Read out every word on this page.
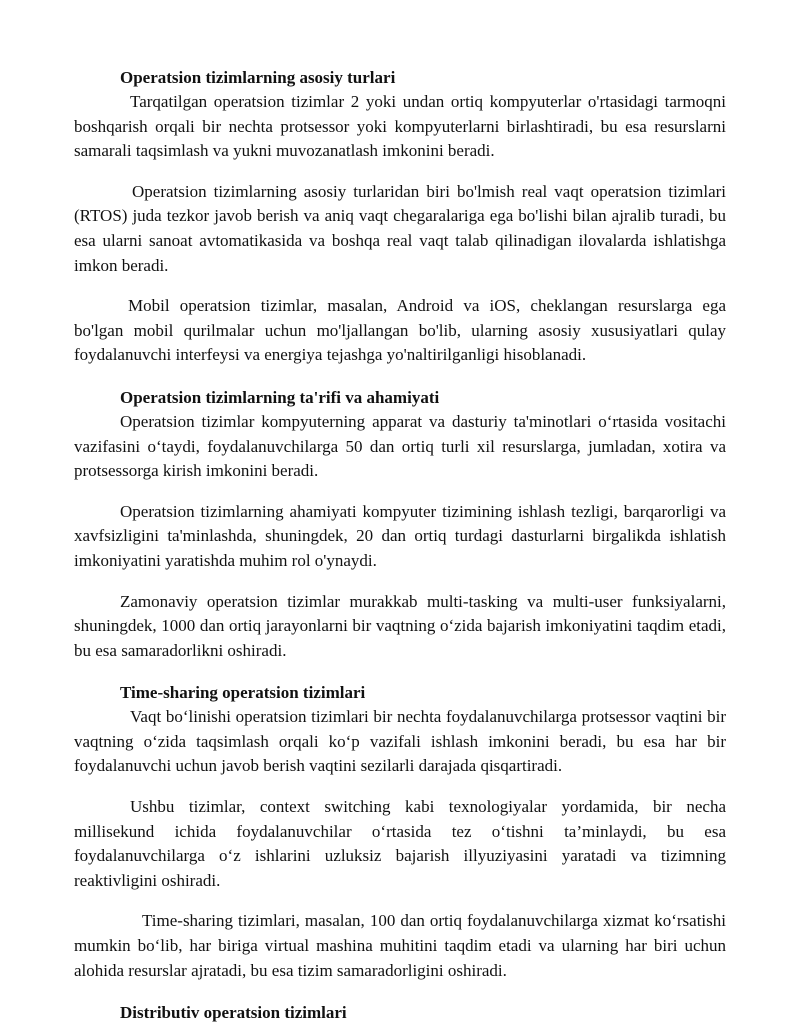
Operatsion tizimlarning asosiy turlari

Tarqatilgan operatsion tizimlar 2 yoki undan ortiq kompyuterlar o'rtasidagi tarmoqni boshqarish orqali bir nechta protsessor yoki kompyuterlarni birlashtiradi, bu esa resurslarni samarali taqsimlash va yukni muvozanatlash imkonini beradi.

Operatsion tizimlarning asosiy turlaridan biri bo'lmish real vaqt operatsion tizimlari (RTOS) juda tezkor javob berish va aniq vaqt chegaralariga ega bo'lishi bilan ajralib turadi, bu esa ularni sanoat avtomatikasida va boshqa real vaqt talab qilinadigan ilovalarda ishlatishga imkon beradi.

Mobil operatsion tizimlar, masalan, Android va iOS, cheklangan resurslarga ega bo'lgan mobil qurilmalar uchun mo'ljallangan bo'lib, ularning asosiy xususiyatlari qulay foydalanuvchi interfeysi va energiya tejashga yo'naltirilganligi hisoblanadi.

Operatsion tizimlarning ta'rifi va ahamiyati

Operatsion tizimlar kompyuterning apparat va dasturiy ta'minotlari o‘rtasida vositachi vazifasini o‘taydi, foydalanuvchilarga 50 dan ortiq turli xil resurslarga, jumladan, xotira va protsessorga kirish imkonini beradi.

Operatsion tizimlarning ahamiyati kompyuter tizimining ishlash tezligi, barqarorligi va xavfsizligini ta'minlashda, shuningdek, 20 dan ortiq turdagi dasturlarni birgalikda ishlatish imkoniyatini yaratishda muhim rol o'ynaydi.

Zamonaviy operatsion tizimlar murakkab multi-tasking va multi-user funksiyalarni, shuningdek, 1000 dan ortiq jarayonlarni bir vaqtning o‘zida bajarish imkoniyatini taqdim etadi, bu esa samaradorlikni oshiradi.

Time-sharing operatsion tizimlari

Vaqt bo‘linishi operatsion tizimlari bir nechta foydalanuvchilarga protsessor vaqtini bir vaqtning o‘zida taqsimlash orqali ko‘p vazifali ishlash imkonini beradi, bu esa har bir foydalanuvchi uchun javob berish vaqtini sezilarli darajada qisqartiradi.

Ushbu tizimlar, context switching kabi texnologiyalar yordamida, bir necha millisekund ichida foydalanuvchilar o‘rtasida tez o‘tishni ta’minlaydi, bu esa foydalanuvchilarga o‘z ishlarini uzluksiz bajarish illyuziyasini yaratadi va tizimning reaktivligini oshiradi.

Time-sharing tizimlari, masalan, 100 dan ortiq foydalanuvchilarga xizmat ko‘rsatishi mumkin bo‘lib, har biriga virtual mashina muhitini taqdim etadi va ularning har biri uchun alohida resurslar ajratadi, bu esa tizim samaradorligini oshiradi.

Distributiv operatsion tizimlari
